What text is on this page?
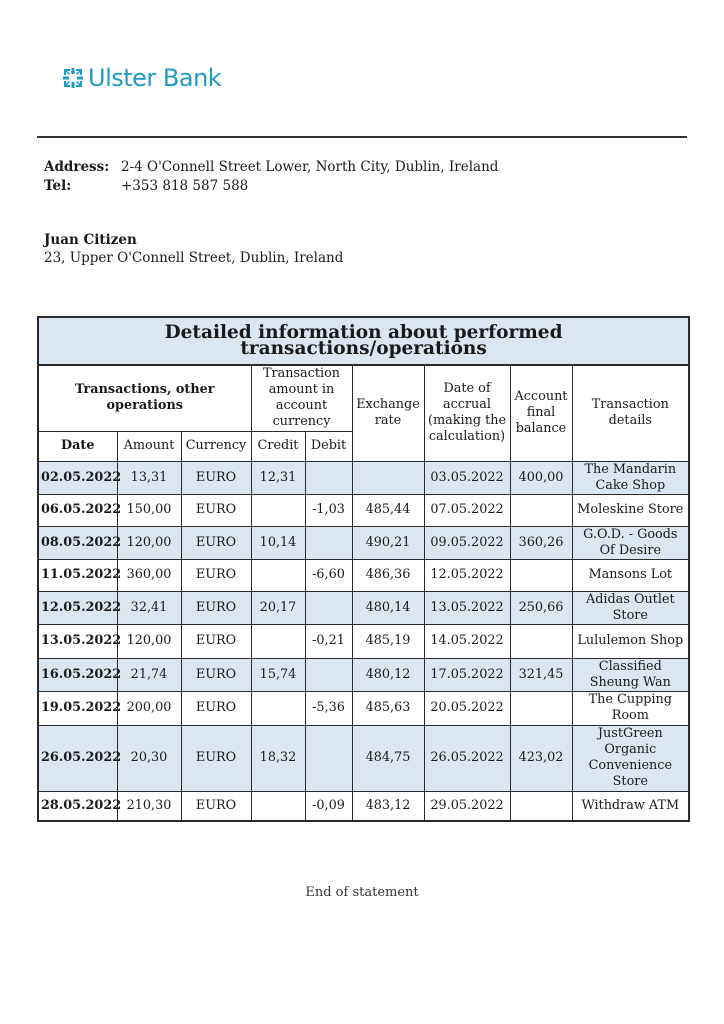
Ulster Bank
Address: 2-4 O'Connell Street Lower, North City, Dublin, Ireland
Tel:	+353 818 587 588
Juan Citizen
23, Upper O'Connell Street, Dublin, Ireland
Detailed information about performed transactions/operations								
Transactions, other operations			Transaction amount in account currency		Exchange rate	Date of accrual (making the calculation)	Account final balance	Transaction details
Date	Amount	Currency	Credit	Debit				
02.05.2022	13,31	EURO	12,31			03.05.2022	400,00	The Mandarin Cake Shop
06.05.2022	150,00	EURO		-1,03	485,44	07.05.2022		Moleskine Store
08.05.2022	120,00	EURO	10,14		490,21	09.05.2022	360,26	G.O.D. - Goods Of Desire
11.05.2022	360,00	EURO		-6,60	486,36	12.05.2022		Mansons Lot
12.05.2022	32,41	EURO	20,17		480,14	13.05.2022	250,66	Adidas Outlet Store
13.05.2022	120,00	EURO		-0,21	485,19	14.05.2022		Lululemon Shop
16.05.2022	21,74	EURO	15,74		480,12	17.05.2022	321,45	Classified Sheung Wan
19.05.2022	200,00	EURO		-5,36	485,63	20.05.2022		The Cupping Room
26.05.2022	20,30	EURO	18,32		484,75	26.05.2022	423,02	JustGreen Organic Convenience Store
28.05.2022	210,30	EURO		-0,09	483,12	29.05.2022		Withdraw ATM
End of statement
